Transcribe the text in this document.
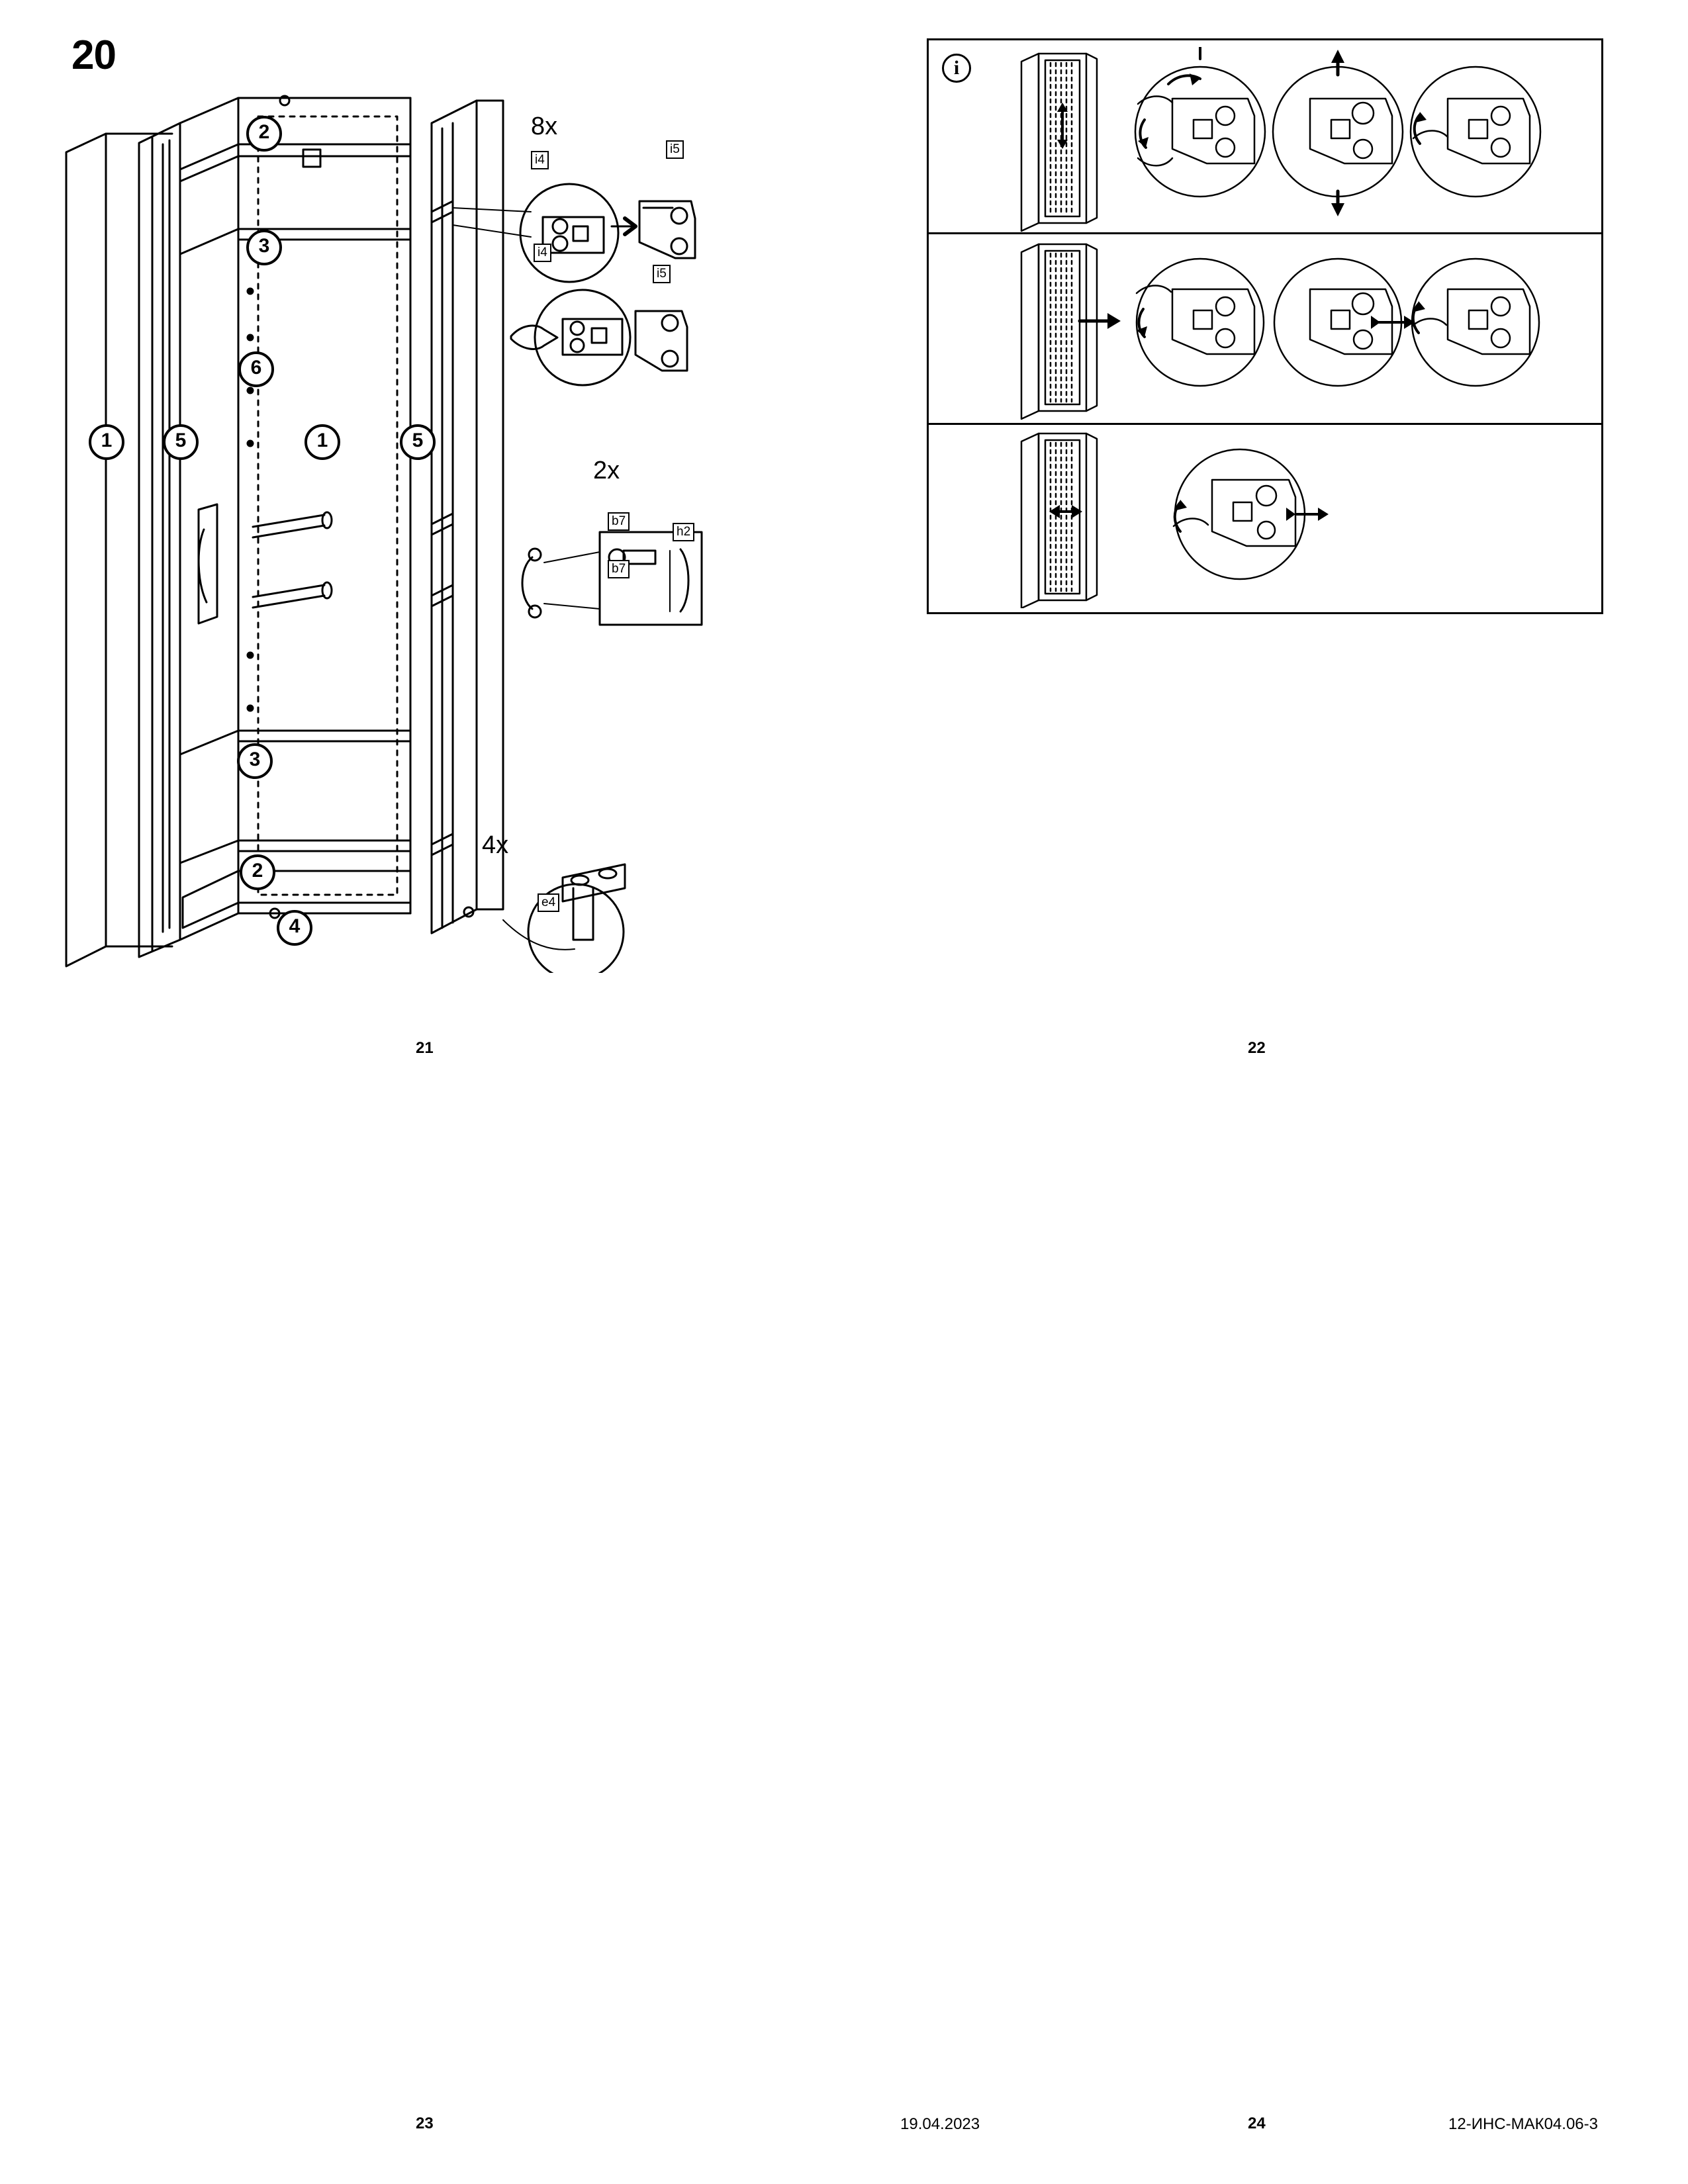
20
1	5
2
3
6
1	5
3
2
4
8x
2x
4x
i4
i5
i4
i5
b7
b7
h2
e4
i
21	22
23	24
19.04.2023	12-ИНС-МАК04.06-3
